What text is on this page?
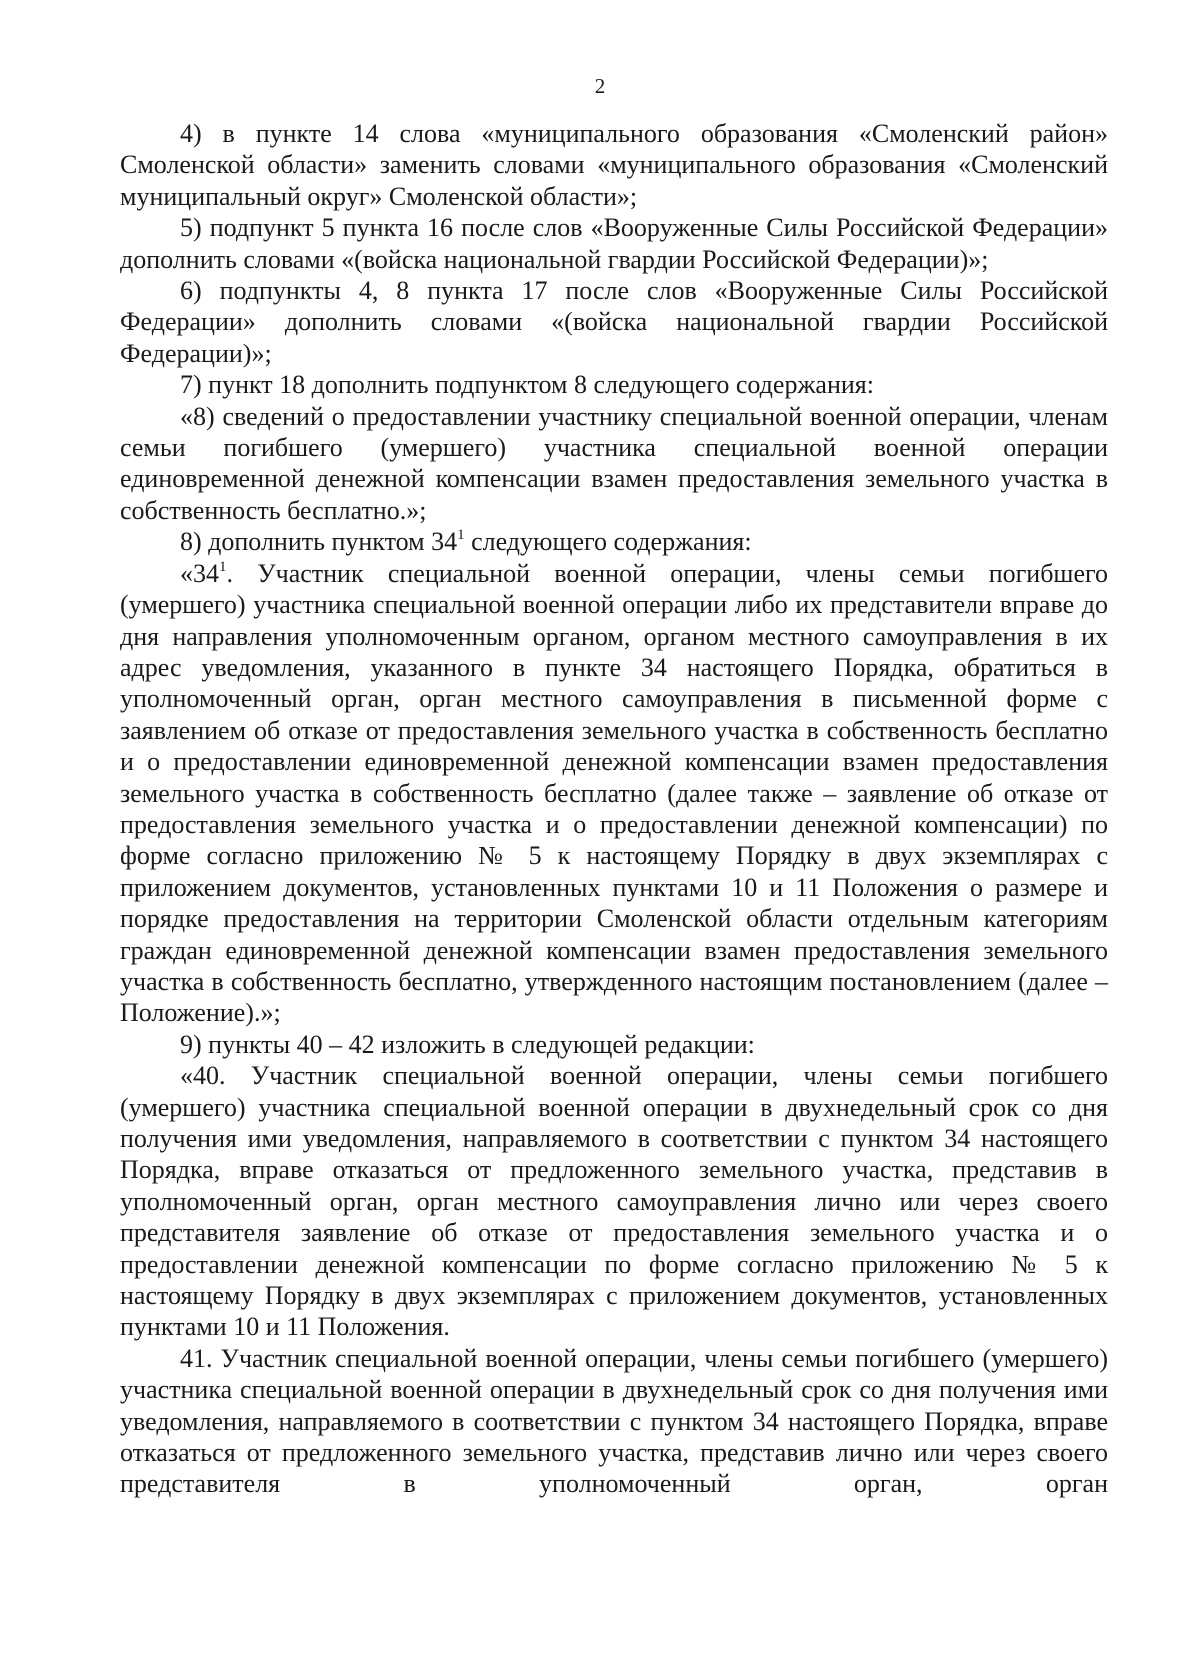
2

4) в пункте 14 слова «муниципального образования «Смоленский район» Смоленской области» заменить словами «муниципального образования «Смоленский муниципальный округ» Смоленской области»;

5) подпункт 5 пункта 16 после слов «Вооруженные Силы Российской Федерации» дополнить словами «(войска национальной гвардии Российской Федерации)»;

6) подпункты 4, 8 пункта 17 после слов «Вооруженные Силы Российской Федерации» дополнить словами «(войска национальной гвардии Российской Федерации)»;

7) пункт 18 дополнить подпунктом 8 следующего содержания:

«8) сведений о предоставлении участнику специальной военной операции, членам семьи погибшего (умершего) участника специальной военной операции единовременной денежной компенсации взамен предоставления земельного участка в собственность бесплатно.»;

8) дополнить пунктом $34^1$ следующего содержания:

«$34^1$. Участник специальной военной операции, члены семьи погибшего (умершего) участника специальной военной операции либо их представители вправе до дня направления уполномоченным органом, органом местного самоуправления в их адрес уведомления, указанного в пункте 34 настоящего Порядка, обратиться в уполномоченный орган, орган местного самоуправления в письменной форме с заявлением об отказе от предоставления земельного участка в собственность бесплатно и о предоставлении единовременной денежной компенсации взамен предоставления земельного участка в собственность бесплатно (далее также – заявление об отказе от предоставления земельного участка и о предоставлении денежной компенсации) по форме согласно приложению № 5 к настоящему Порядку в двух экземплярах с приложением документов, установленных пунктами 10 и 11 Положения о размере и порядке предоставления на территории Смоленской области отдельным категориям граждан единовременной денежной компенсации взамен предоставления земельного участка в собственность бесплатно, утвержденного настоящим постановлением (далее – Положение).»;

9) пункты 40 – 42 изложить в следующей редакции:

«40. Участник специальной военной операции, члены семьи погибшего (умершего) участника специальной военной операции в двухнедельный срок со дня получения ими уведомления, направляемого в соответствии с пунктом 34 настоящего Порядка, вправе отказаться от предложенного земельного участка, представив в уполномоченный орган, орган местного самоуправления лично или через своего представителя заявление об отказе от предоставления земельного участка и о предоставлении денежной компенсации по форме согласно приложению № 5 к настоящему Порядку в двух экземплярах с приложением документов, установленных пунктами 10 и 11 Положения.

41. Участник специальной военной операции, члены семьи погибшего (умершего) участника специальной военной операции в двухнедельный срок со дня получения ими уведомления, направляемого в соответствии с пунктом 34 настоящего Порядка, вправе отказаться от предложенного земельного участка, представив лично или через своего представителя в уполномоченный орган, орган
